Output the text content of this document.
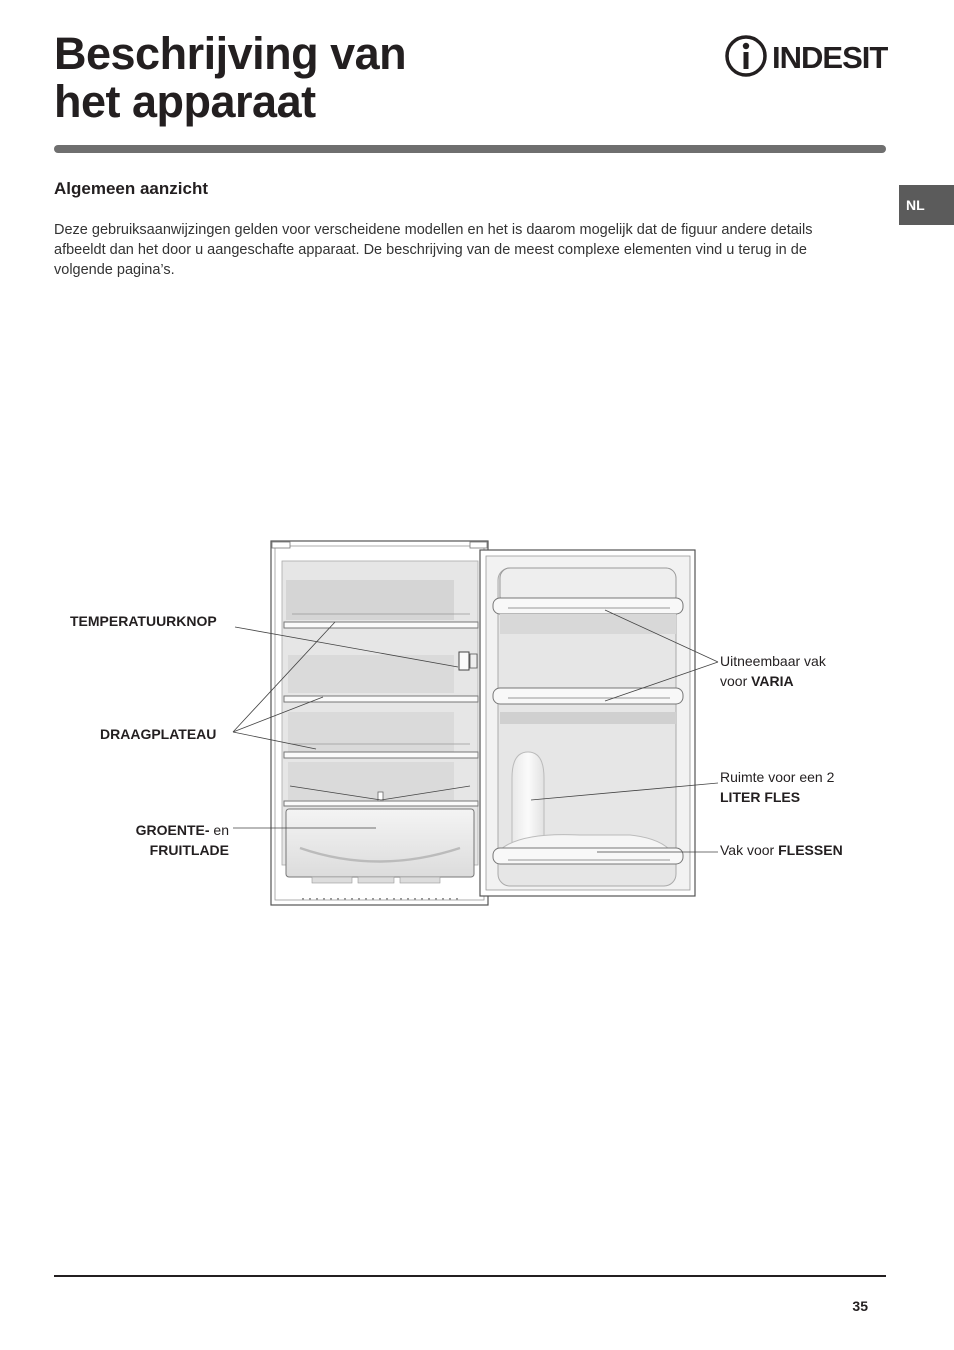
Beschrijving van
het apparaat
INDESIT
NL
Algemeen aanzicht

Deze gebruiksaanwijzingen gelden voor verscheidene modellen en het is daarom mogelijk dat de figuur andere details afbeeldt dan het door u aangeschafte apparaat. De beschrijving van de meest complexe elementen vind u terug in de volgende pagina’s.

TEMPERATUURKNOP
DRAAGPLATEAU
GROENTE- en
FRUITLADE
Uitneembaar vak
voor VARIA
Ruimte voor een 2
LITER FLES
Vak voor FLESSEN
35
